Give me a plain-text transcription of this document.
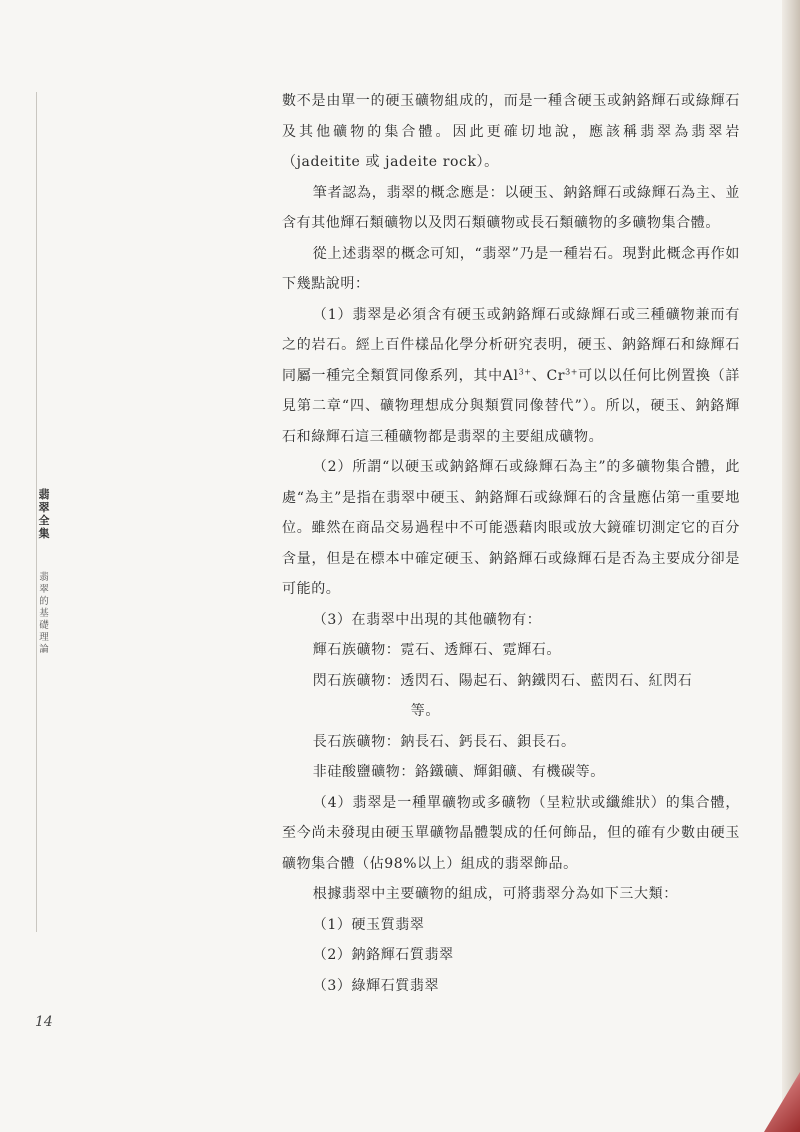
翡
翠
全
集
翡
翠
的
基
礎
理
論
14

數不是由單一的硬玉礦物組成的，而是一種含硬玉或鈉鉻輝石或綠輝石及其他礦物的集合體。因此更確切地說，應該稱翡翠為翡翠岩（jadeitite 或 jadeite rock）。

筆者認為，翡翠的概念應是：以硬玉、鈉鉻輝石或綠輝石為主、並含有其他輝石類礦物以及閃石類礦物或長石類礦物的多礦物集合體。

從上述翡翠的概念可知，“翡翠”乃是一種岩石。現對此概念再作如下幾點說明：

（1）翡翠是必須含有硬玉或鈉鉻輝石或綠輝石或三種礦物兼而有之的岩石。經上百件樣品化學分析研究表明，硬玉、鈉鉻輝石和綠輝石同屬一種完全類質同像系列，其中$Al^{3+}$、$Cr^{3+}$可以以任何比例置換（詳見第二章“四、礦物理想成分與類質同像替代”）。所以，硬玉、鈉鉻輝　石和綠輝石這三種礦物都是翡翠的主要組成礦物。

（2）所謂“以硬玉或鈉鉻輝石或綠輝石為主”的多礦物集合體，此處“為主”是指在翡翠中硬玉、鈉鉻輝石或綠輝石的含量應佔第一重要地位。雖然在商品交易過程中不可能憑藉肉眼或放大鏡確切測定它的百分含量，但是在標本中確定硬玉、鈉鉻輝石或綠輝石是否為主要成分卻是可能的。

（3）在翡翠中出現的其他礦物有：

輝石族礦物：霓石、透輝石、霓輝石。

閃石族礦物：透閃石、陽起石、鈉鐵閃石、藍閃石、紅閃石

等。

長石族礦物：鈉長石、鈣長石、鋇長石。

非硅酸鹽礦物：鉻鐵礦、輝鉬礦、有機碳等。

（4）翡翠是一種單礦物或多礦物（呈粒狀或纖維狀）的集合體，至今尚未發現由硬玉單礦物晶體製成的任何飾品，但的確有少數由硬玉礦物集合體（佔98%以上）組成的翡翠飾品。

根據翡翠中主要礦物的組成，可將翡翠分為如下三大類：

（1）硬玉質翡翠

（2）鈉鉻輝石質翡翠

（3）綠輝石質翡翠
